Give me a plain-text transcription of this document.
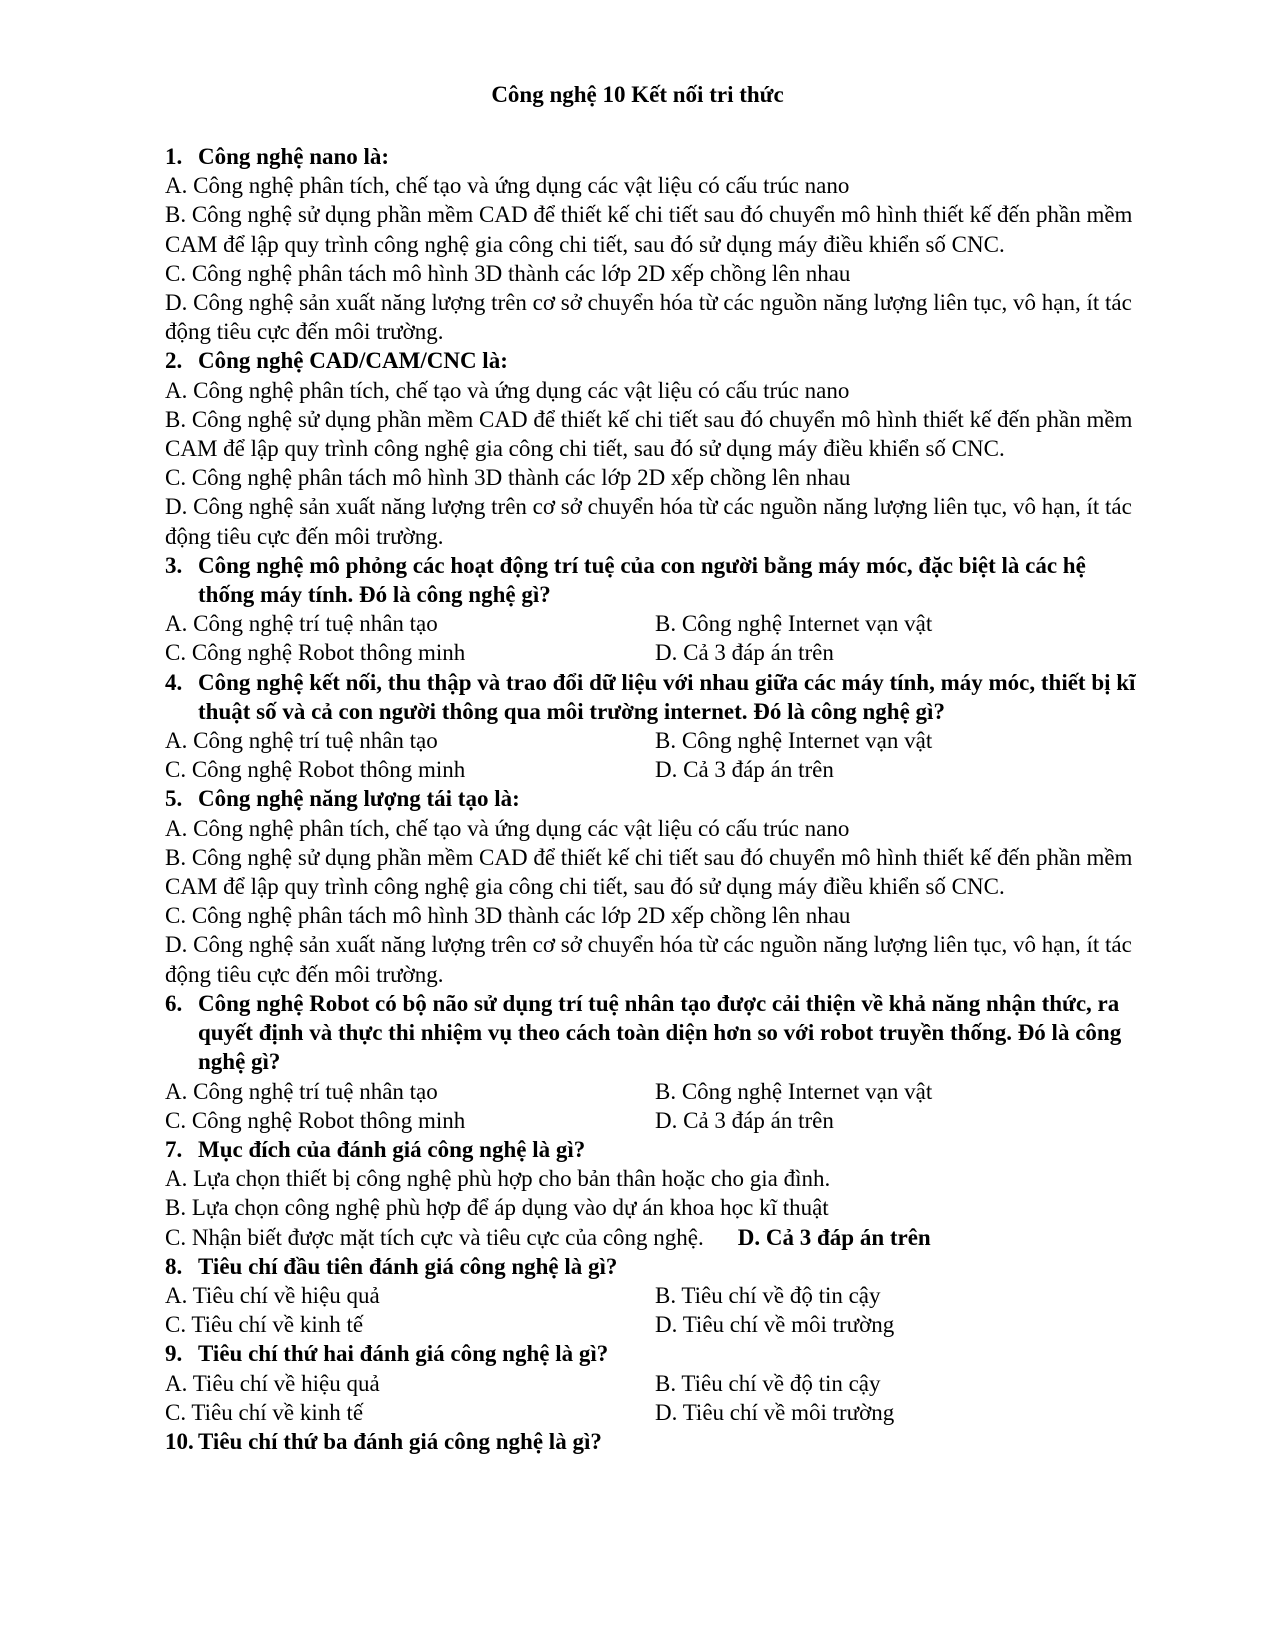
Công nghệ 10 Kết nối tri thức
1. Công nghệ nano là:
A. Công nghệ phân tích, chế tạo và ứng dụng các vật liệu có cấu trúc nano
B. Công nghệ sử dụng phần mềm CAD để thiết kế chi tiết sau đó chuyển mô hình thiết kế đến phần mềm CAM để lập quy trình công nghệ gia công chi tiết, sau đó sử dụng máy điều khiển số CNC.
C. Công nghệ phân tách mô hình 3D thành các lớp 2D xếp chồng lên nhau
D. Công nghệ sản xuất năng lượng trên cơ sở chuyển hóa từ các nguồn năng lượng liên tục, vô hạn, ít tác động tiêu cực đến môi trường.
2. Công nghệ CAD/CAM/CNC là:
A. Công nghệ phân tích, chế tạo và ứng dụng các vật liệu có cấu trúc nano
B. Công nghệ sử dụng phần mềm CAD để thiết kế chi tiết sau đó chuyển mô hình thiết kế đến phần mềm CAM để lập quy trình công nghệ gia công chi tiết, sau đó sử dụng máy điều khiển số CNC.
C. Công nghệ phân tách mô hình 3D thành các lớp 2D xếp chồng lên nhau
D. Công nghệ sản xuất năng lượng trên cơ sở chuyển hóa từ các nguồn năng lượng liên tục, vô hạn, ít tác động tiêu cực đến môi trường.
3. Công nghệ mô phỏng các hoạt động trí tuệ của con người bằng máy móc, đặc biệt là các hệ thống máy tính. Đó là công nghệ gì?
A. Công nghệ trí tuệ nhân tạo	B. Công nghệ Internet vạn vật
C. Công nghệ Robot thông minh	D. Cả 3 đáp án trên
4. Công nghệ kết nối, thu thập và trao đổi dữ liệu với nhau giữa các máy tính, máy móc, thiết bị kĩ thuật số và cả con người thông qua môi trường internet. Đó là công nghệ gì?
A. Công nghệ trí tuệ nhân tạo	B. Công nghệ Internet vạn vật
C. Công nghệ Robot thông minh	D. Cả 3 đáp án trên
5. Công nghệ năng lượng tái tạo là:
A. Công nghệ phân tích, chế tạo và ứng dụng các vật liệu có cấu trúc nano
B. Công nghệ sử dụng phần mềm CAD để thiết kế chi tiết sau đó chuyển mô hình thiết kế đến phần mềm CAM để lập quy trình công nghệ gia công chi tiết, sau đó sử dụng máy điều khiển số CNC.
C. Công nghệ phân tách mô hình 3D thành các lớp 2D xếp chồng lên nhau
D. Công nghệ sản xuất năng lượng trên cơ sở chuyển hóa từ các nguồn năng lượng liên tục, vô hạn, ít tác động tiêu cực đến môi trường.
6. Công nghệ Robot có bộ não sử dụng trí tuệ nhân tạo được cải thiện về khả năng nhận thức, ra quyết định và thực thi nhiệm vụ theo cách toàn diện hơn so với robot truyền thống. Đó là công nghệ gì?
A. Công nghệ trí tuệ nhân tạo	B. Công nghệ Internet vạn vật
C. Công nghệ Robot thông minh	D. Cả 3 đáp án trên
7. Mục đích của đánh giá công nghệ là gì?
A. Lựa chọn thiết bị công nghệ phù hợp cho bản thân hoặc cho gia đình.
B. Lựa chọn công nghệ phù hợp để áp dụng vào dự án khoa học kĩ thuật
C. Nhận biết được mặt tích cực và tiêu cực của công nghệ. D. Cả 3 đáp án trên
8. Tiêu chí đầu tiên đánh giá công nghệ là gì?
A. Tiêu chí về hiệu quả	B. Tiêu chí về độ tin cậy
C. Tiêu chí về kinh tế	D. Tiêu chí về môi trường
9. Tiêu chí thứ hai đánh giá công nghệ là gì?
A. Tiêu chí về hiệu quả	B. Tiêu chí về độ tin cậy
C. Tiêu chí về kinh tế	D. Tiêu chí về môi trường
10. Tiêu chí thứ ba đánh giá công nghệ là gì?
